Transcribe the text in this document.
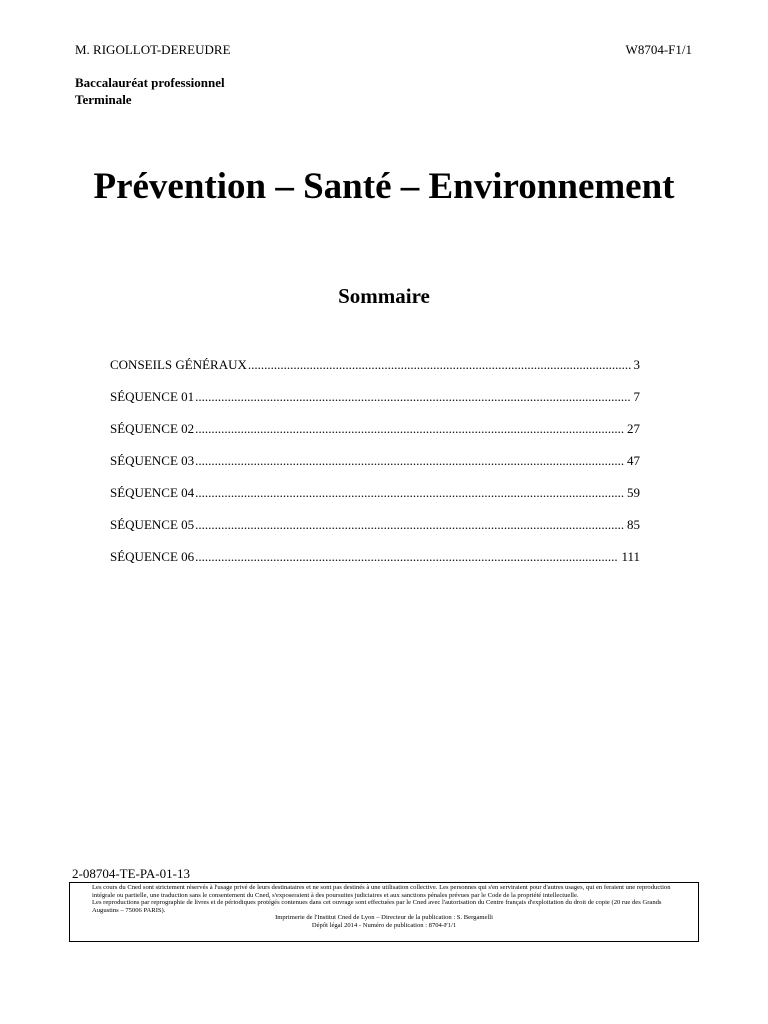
M. RIGOLLOT-DEREUDRE	W8704-F1/1
Baccalauréat professionnel
Terminale
Prévention – Santé – Environnement
Sommaire
CONSEILS GÉNÉRAUX .....	3
SÉQUENCE 01 .....	7
SÉQUENCE 02 .....	27
SÉQUENCE 03 .....	47
SÉQUENCE 04 .....	59
SÉQUENCE 05 .....	85
SÉQUENCE 06 .....	111
2-08704-TE-PA-01-13

Les cours du Cned sont strictement réservés à l'usage privé de leurs destinataires et ne sont pas destinés à une utilisation collective. Les personnes qui s'en serviraient pour d'autres usages, qui en feraient une reproduction intégrale ou partielle, une traduction sans le consentement du Cned, s'exposeraient à des poursuites judiciaires et aux sanctions pénales prévues par le Code de la propriété intellectuelle.

Les reproductions par reprographie de livres et de périodiques protégés contenues dans cet ouvrage sont effectuées par le Cned avec l'autorisation du Centre français d'exploitation du droit de copie (20 rue des Grands Augustins – 75006 PARIS).

Imprimerie de l'Institut Cned de Lyon – Directeur de la publication : S. Bergamelli

Dépôt légal 2014 - Numéro de publication : 8704-F1/1
